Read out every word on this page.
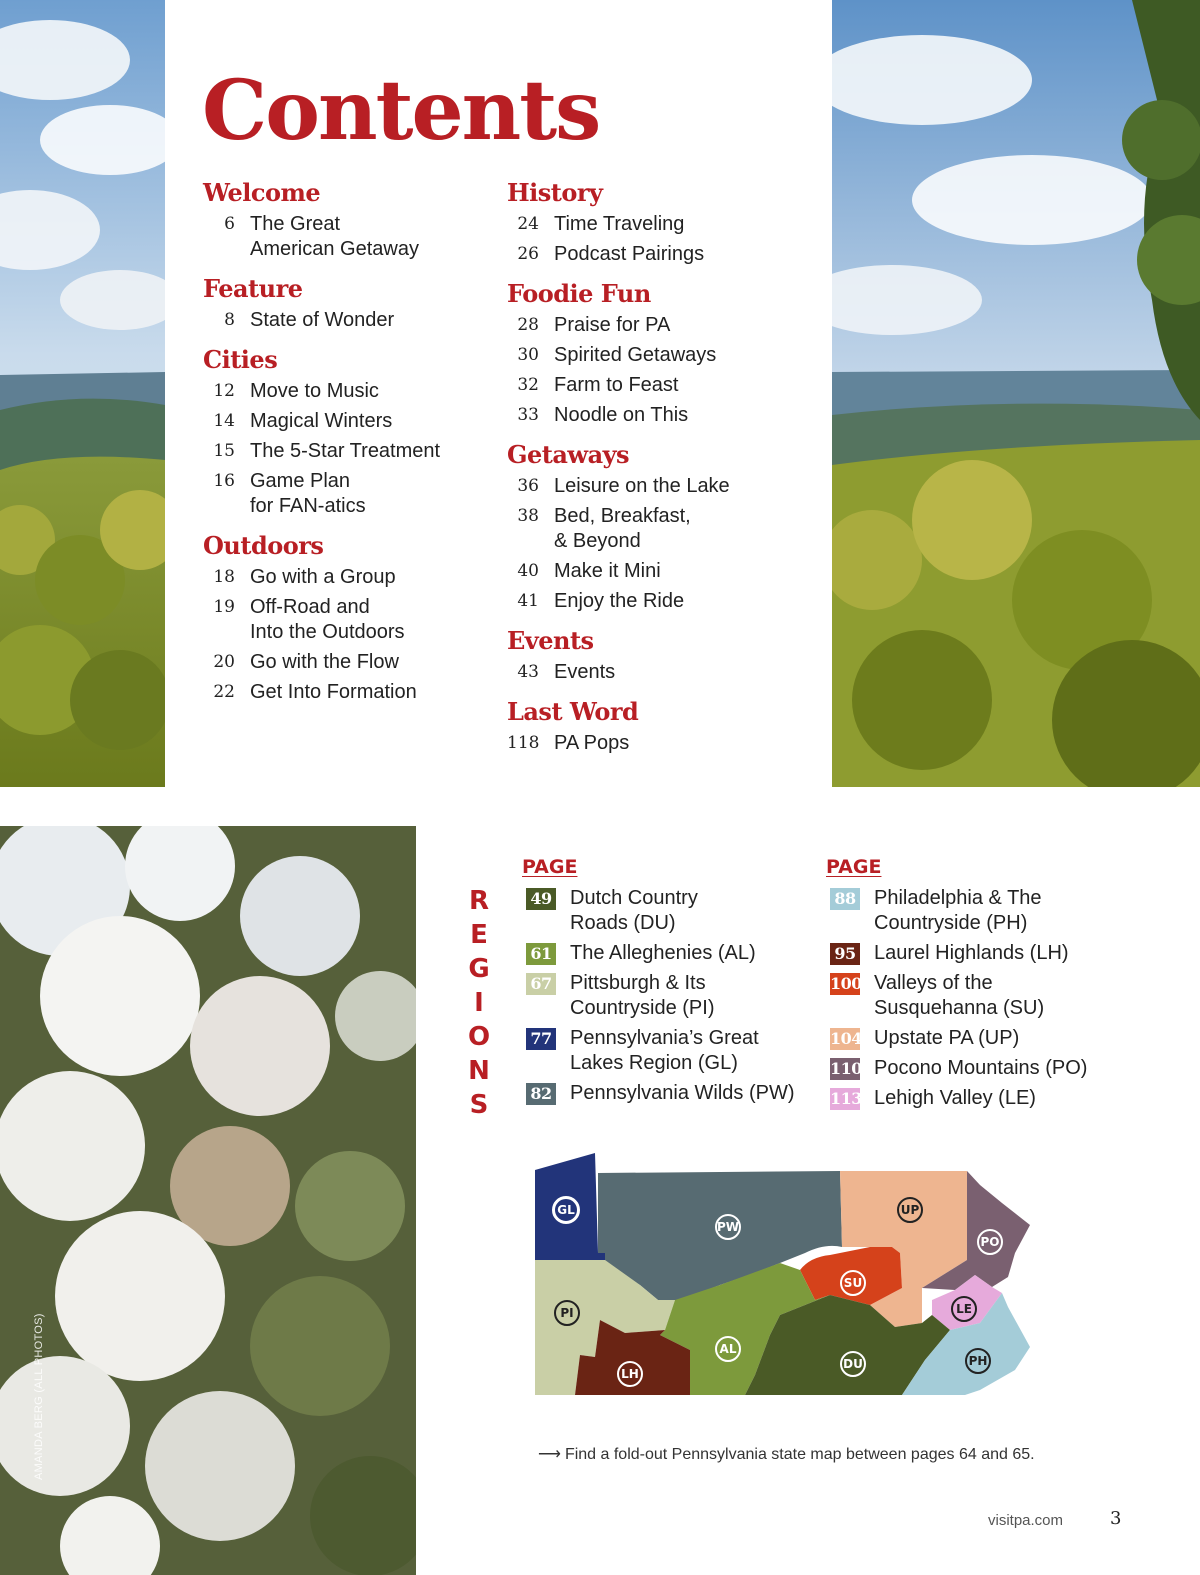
AMANDA BERG (ALL PHOTOS)
Contents
Welcome
6 The Great
American Getaway
Feature
8 State of Wonder
Cities
12 Move to Music
14 Magical Winters
15 The 5-Star Treatment
16 Game Plan
for FAN-atics
Outdoors
18 Go with a Group
19 Off-Road and
Into the Outdoors
20 Go with the Flow
22 Get Into Formation
History
24 Time Traveling
26 Podcast Pairings
Foodie Fun
28 Praise for PA
30 Spirited Getaways
32 Farm to Feast
33 Noodle on This
Getaways
36 Leisure on the Lake
38 Bed, Breakfast,
& Beyond
40 Make it Mini
41 Enjoy the Ride
Events
43 Events
Last Word
118 PA Pops
R
E
G
I
O
N
S
PAGE	PAGE
49 Dutch Country
Roads (DU)
61 The Alleghenies (AL)
67 Pittsburgh & Its
Countryside (PI)
77 Pennsylvania’s Great
Lakes Region (GL)
82 Pennsylvania Wilds (PW)
88 Philadelphia & The
Countryside (PH)
95 Laurel Highlands (LH)
100 Valleys of the
Susquehanna (SU)
104 Upstate PA (UP)
110 Pocono Mountains (PO)
113 Lehigh Valley (LE)
GL
PW
UP
PO
SU
LE
PI
AL
LH
DU	PH
⟶ Find a fold-out Pennsylvania state map between pages 64 and 65.
visitpa.com	3
